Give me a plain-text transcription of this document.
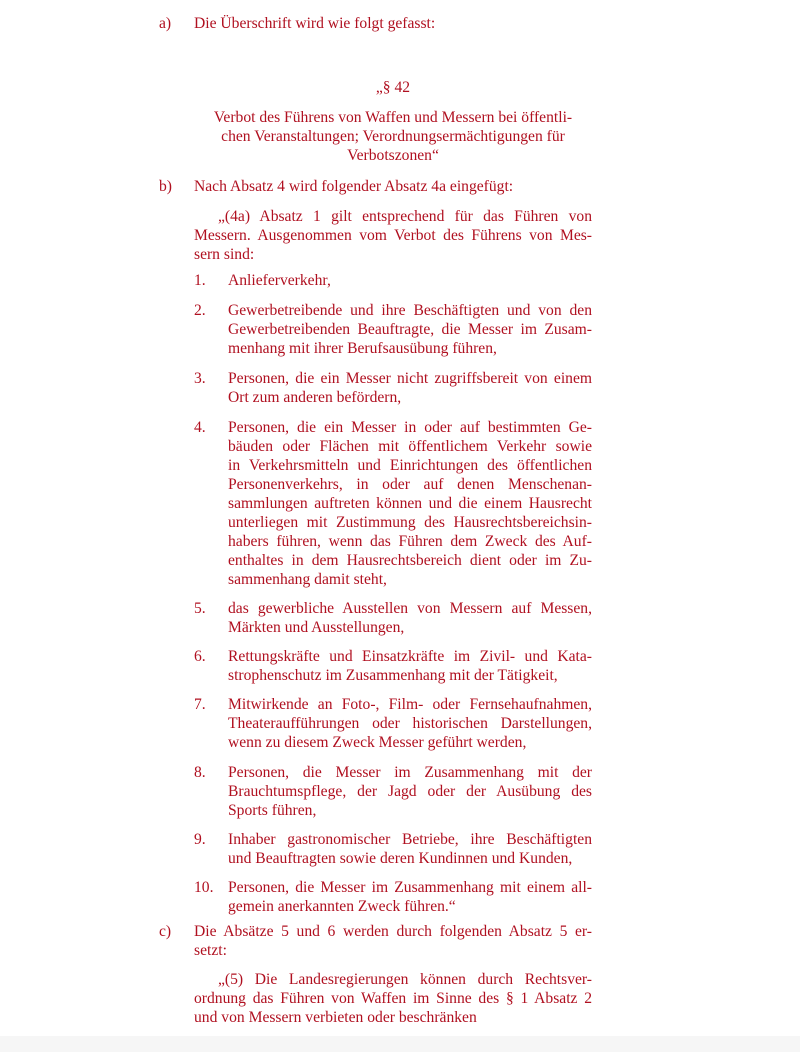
a) Die Überschrift wird wie folgt gefasst:
„§ 42
Verbot des Führens von Waffen und Messern bei öffentli-
chen Veranstaltungen; Verordnungsermächtigungen für
Verbotszonen“
b) Nach Absatz 4 wird folgender Absatz 4a eingefügt:
„(4a) Absatz 1 gilt entsprechend für das Führen von
Messern. Ausgenommen vom Verbot des Führens von Mes-
sern sind:
1. Anlieferverkehr,
2. Gewerbetreibende und ihre Beschäftigten und von den
Gewerbetreibenden Beauftragte, die Messer im Zusam-
menhang mit ihrer Berufsausübung führen,
3. Personen, die ein Messer nicht zugriffsbereit von einem
Ort zum anderen befördern,
4. Personen, die ein Messer in oder auf bestimmten Ge-
bäuden oder Flächen mit öffentlichem Verkehr sowie
in Verkehrsmitteln und Einrichtungen des öffentlichen
Personenverkehrs, in oder auf denen Menschenan-
sammlungen auftreten können und die einem Hausrecht
unterliegen mit Zustimmung des Hausrechtsbereichsin-
habers führen, wenn das Führen dem Zweck des Auf-
enthaltes in dem Hausrechtsbereich dient oder im Zu-
sammenhang damit steht,
5. das gewerbliche Ausstellen von Messern auf Messen,
Märkten und Ausstellungen,
6. Rettungskräfte und Einsatzkräfte im Zivil- und Kata-
strophenschutz im Zusammenhang mit der Tätigkeit,
7. Mitwirkende an Foto-, Film- oder Fernsehaufnahmen,
Theateraufführungen oder historischen Darstellungen,
wenn zu diesem Zweck Messer geführt werden,
8. Personen, die Messer im Zusammenhang mit der
Brauchtumspflege, der Jagd oder der Ausübung des
Sports führen,
9. Inhaber gastronomischer Betriebe, ihre Beschäftigten
und Beauftragten sowie deren Kundinnen und Kunden,
10. Personen, die Messer im Zusammenhang mit einem all-
gemein anerkannten Zweck führen.“
c) Die Absätze 5 und 6 werden durch folgenden Absatz 5 er-
setzt:
„(5) Die Landesregierungen können durch Rechtsver-
ordnung das Führen von Waffen im Sinne des § 1 Absatz 2
und von Messern verbieten oder beschränken
